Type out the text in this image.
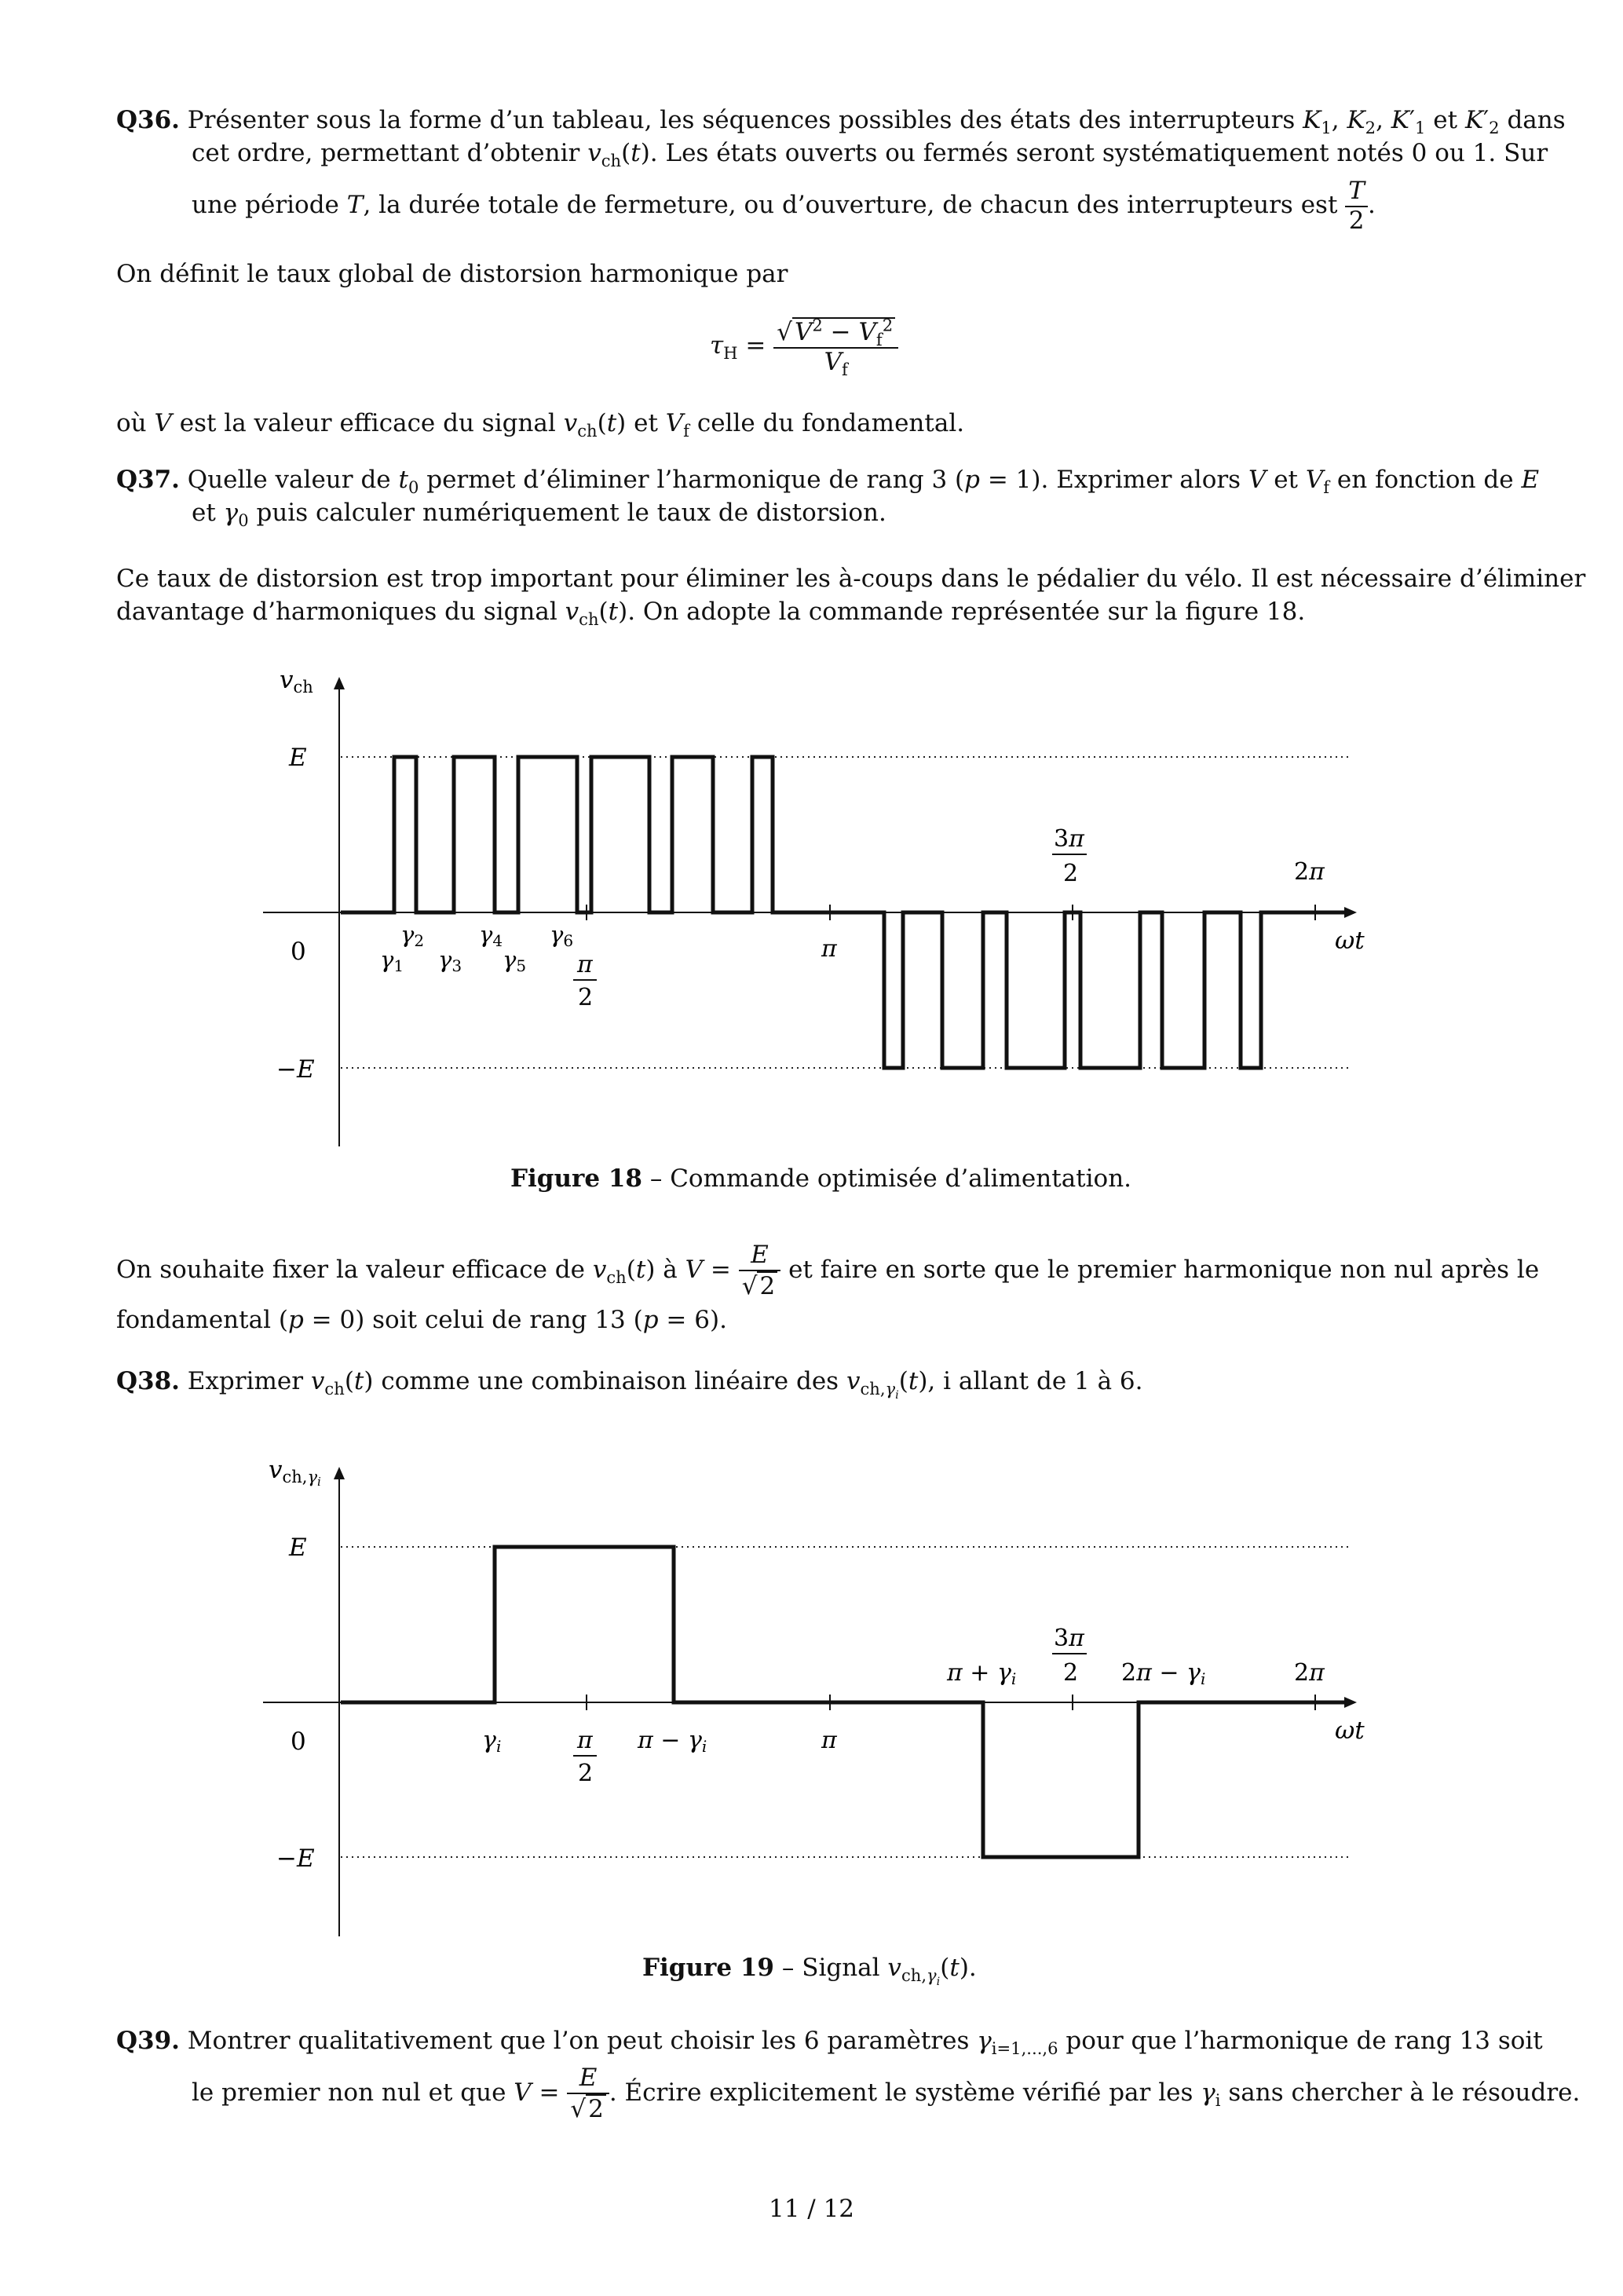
Q36. Présenter sous la forme d’un tableau, les séquences possibles des états des interrupteurs $K_1$, $K_2$, $K'_1$ et $K'_2$ dans
cet ordre, permettant d’obtenir $v_{ch}(t)$. Les états ouverts ou fermés seront systématiquement notés 0 ou 1. Sur
une période T, la durée totale de fermeture, ou d’ouverture, de chacun des interrupteurs est $\frac{T}{2}$ .
On définit le taux global de distorsion harmonique par
$\tau_H = \frac{√V^2 - V_f^2}{V_f}$
où V est la valeur efficace du signal $v_{ch}(t)$ et $V_f$ celle du fondamental.
Q37. Quelle valeur de $t_0$ permet d’éliminer l’harmonique de rang 3 (p = 1). Exprimer alors V et $V_f$ en fonction de E
et $\gamma_0$ puis calculer numériquement le taux de distorsion.
Ce taux de distorsion est trop important pour éliminer les à-coups dans le pédalier du vélo. Il est nécessaire d’éliminer
davantage d’harmoniques du signal $v_{ch}(t)$. On adopte la commande représentée sur la figure 18.
vch
E
0
−E
ωt
γ2 γ4 γ6
γ1 γ3 γ5 π
2
π
3π
2	2π
Figure 18 – Commande optimisée d’alimentation.
On souhaite fixer la valeur efficace de $v_{ch}(t)$ à $V = \frac{E}{√2}$ et faire en sorte que le premier harmonique non nul après le
fondamental (p = 0) soit celui de rang 13 (p = 6).
Q38. Exprimer $v_{ch}(t)$ comme une combinaison linéaire des $v_{ch,\gamma_i}(t)$, i allant de 1 à 6.
vch,γi
E
0
−E
ωt
γi	π
2
π − γi	π
π + γi
3π
2 2π − γi	2π
Figure 19 – Signal $v_{ch,\gamma_i}(t)$.
Q39. Montrer qualitativement que l’on peut choisir les 6 paramètres $\gamma_{i=1,...,6}$ pour que l’harmonique de rang 13 soit
le premier non nul et que $V = \frac{E}{√2}$ . Écrire explicitement le système vérifié par les $\gamma_i$ sans chercher à le résoudre.
11 / 12
